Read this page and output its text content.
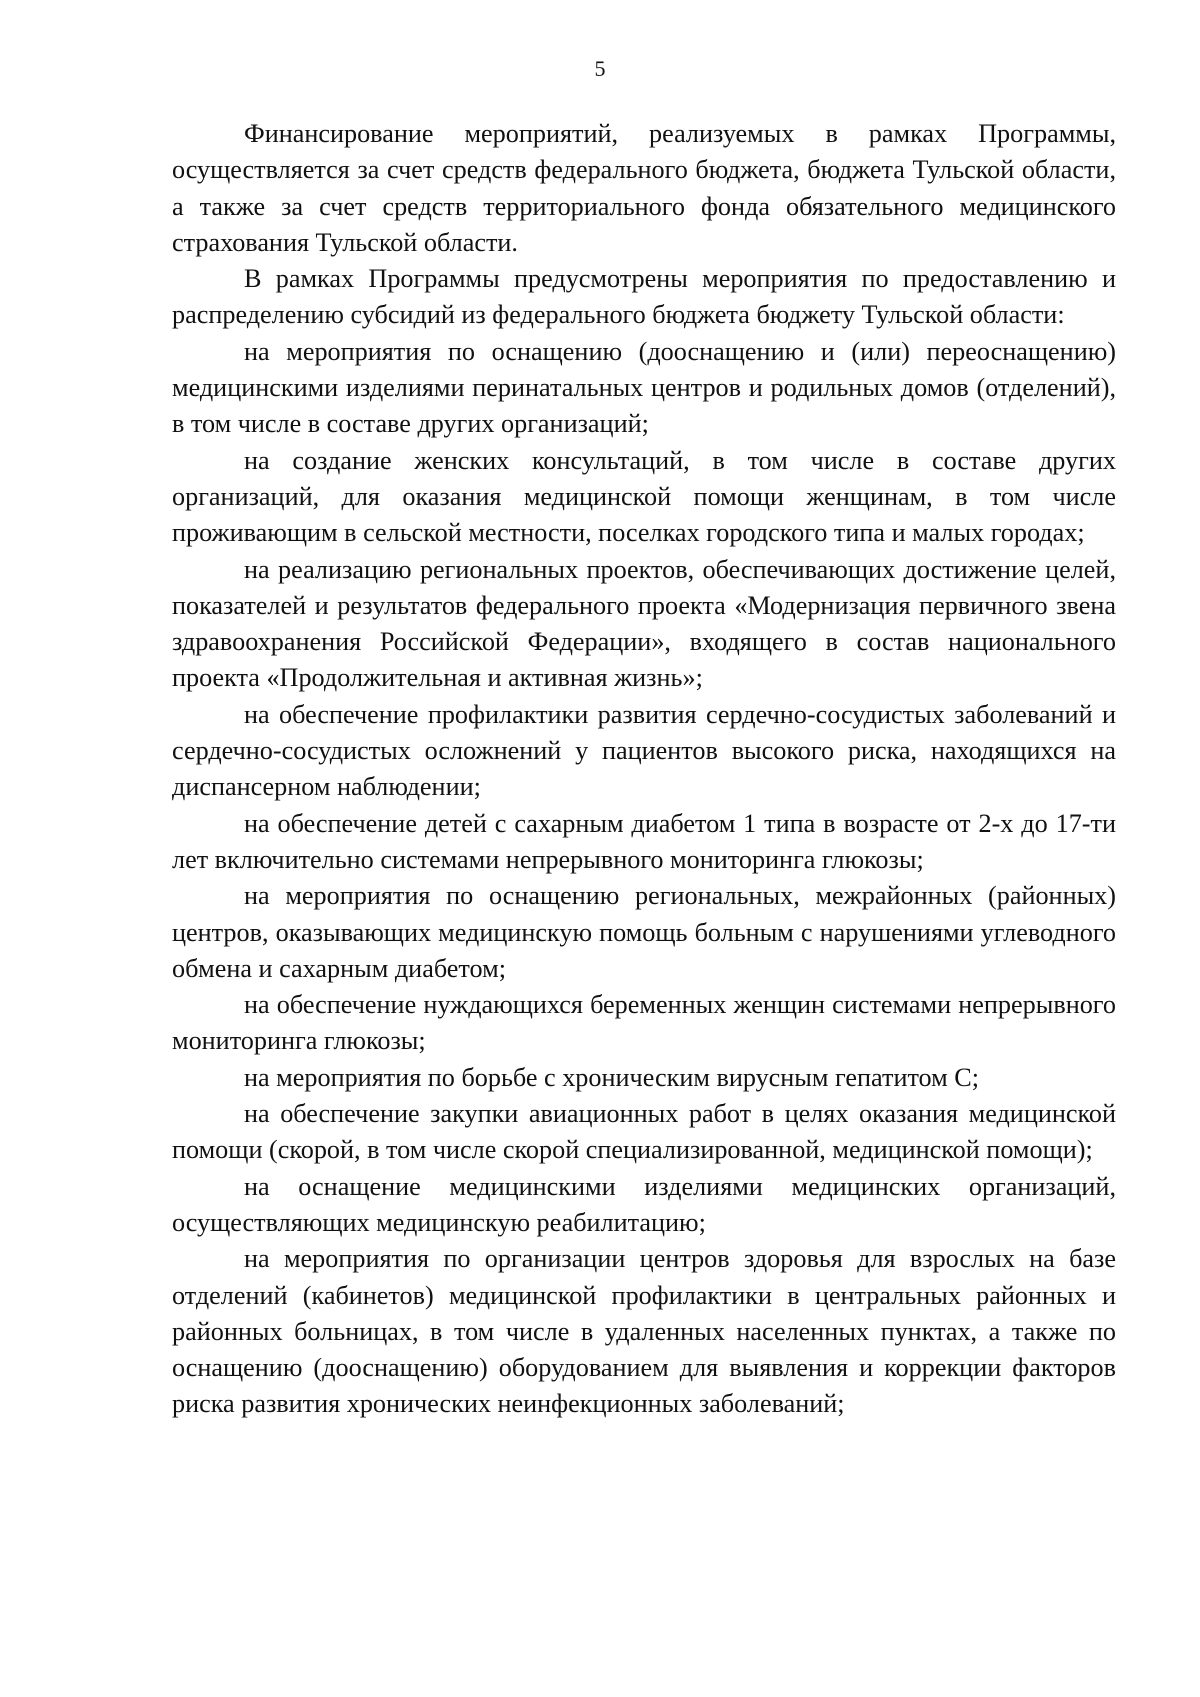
5

Финансирование мероприятий, реализуемых в рамках Программы, осуществляется за счет средств федерального бюджета, бюджета Тульской области, а также за счет средств территориального фонда обязательного медицинского страхования Тульской области.

В рамках Программы предусмотрены мероприятия по предоставлению и распределению субсидий из федерального бюджета бюджету Тульской области:

на мероприятия по оснащению (дооснащению и (или) переоснащению) медицинскими изделиями перинатальных центров и родильных домов (отделений), в том числе в составе других организаций;

на создание женских консультаций, в том числе в составе других организаций, для оказания медицинской помощи женщинам, в том числе проживающим в сельской местности, поселках городского типа и малых городах;

на реализацию региональных проектов, обеспечивающих достижение целей, показателей и результатов федерального проекта «Модернизация первичного звена здравоохранения Российской Федерации», входящего в состав национального проекта «Продолжительная и активная жизнь»;

на обеспечение профилактики развития сердечно-сосудистых заболеваний и сердечно-сосудистых осложнений у пациентов высокого риска, находящихся на диспансерном наблюдении;

на обеспечение детей с сахарным диабетом 1 типа в возрасте от 2-х до 17-ти лет включительно системами непрерывного мониторинга глюкозы;

на мероприятия по оснащению региональных, межрайонных (районных) центров, оказывающих медицинскую помощь больным с нарушениями углеводного обмена и сахарным диабетом;

на обеспечение нуждающихся беременных женщин системами непрерывного мониторинга глюкозы;

на мероприятия по борьбе с хроническим вирусным гепатитом С;

на обеспечение закупки авиационных работ в целях оказания медицинской помощи (скорой, в том числе скорой специализированной, медицинской помощи);

на оснащение медицинскими изделиями медицинских организаций, осуществляющих медицинскую реабилитацию;

на мероприятия по организации центров здоровья для взрослых на базе отделений (кабинетов) медицинской профилактики в центральных районных и районных больницах, в том числе в удаленных населенных пунктах, а также по оснащению (дооснащению) оборудованием для выявления и коррекции факторов риска развития хронических неинфекционных заболеваний;
